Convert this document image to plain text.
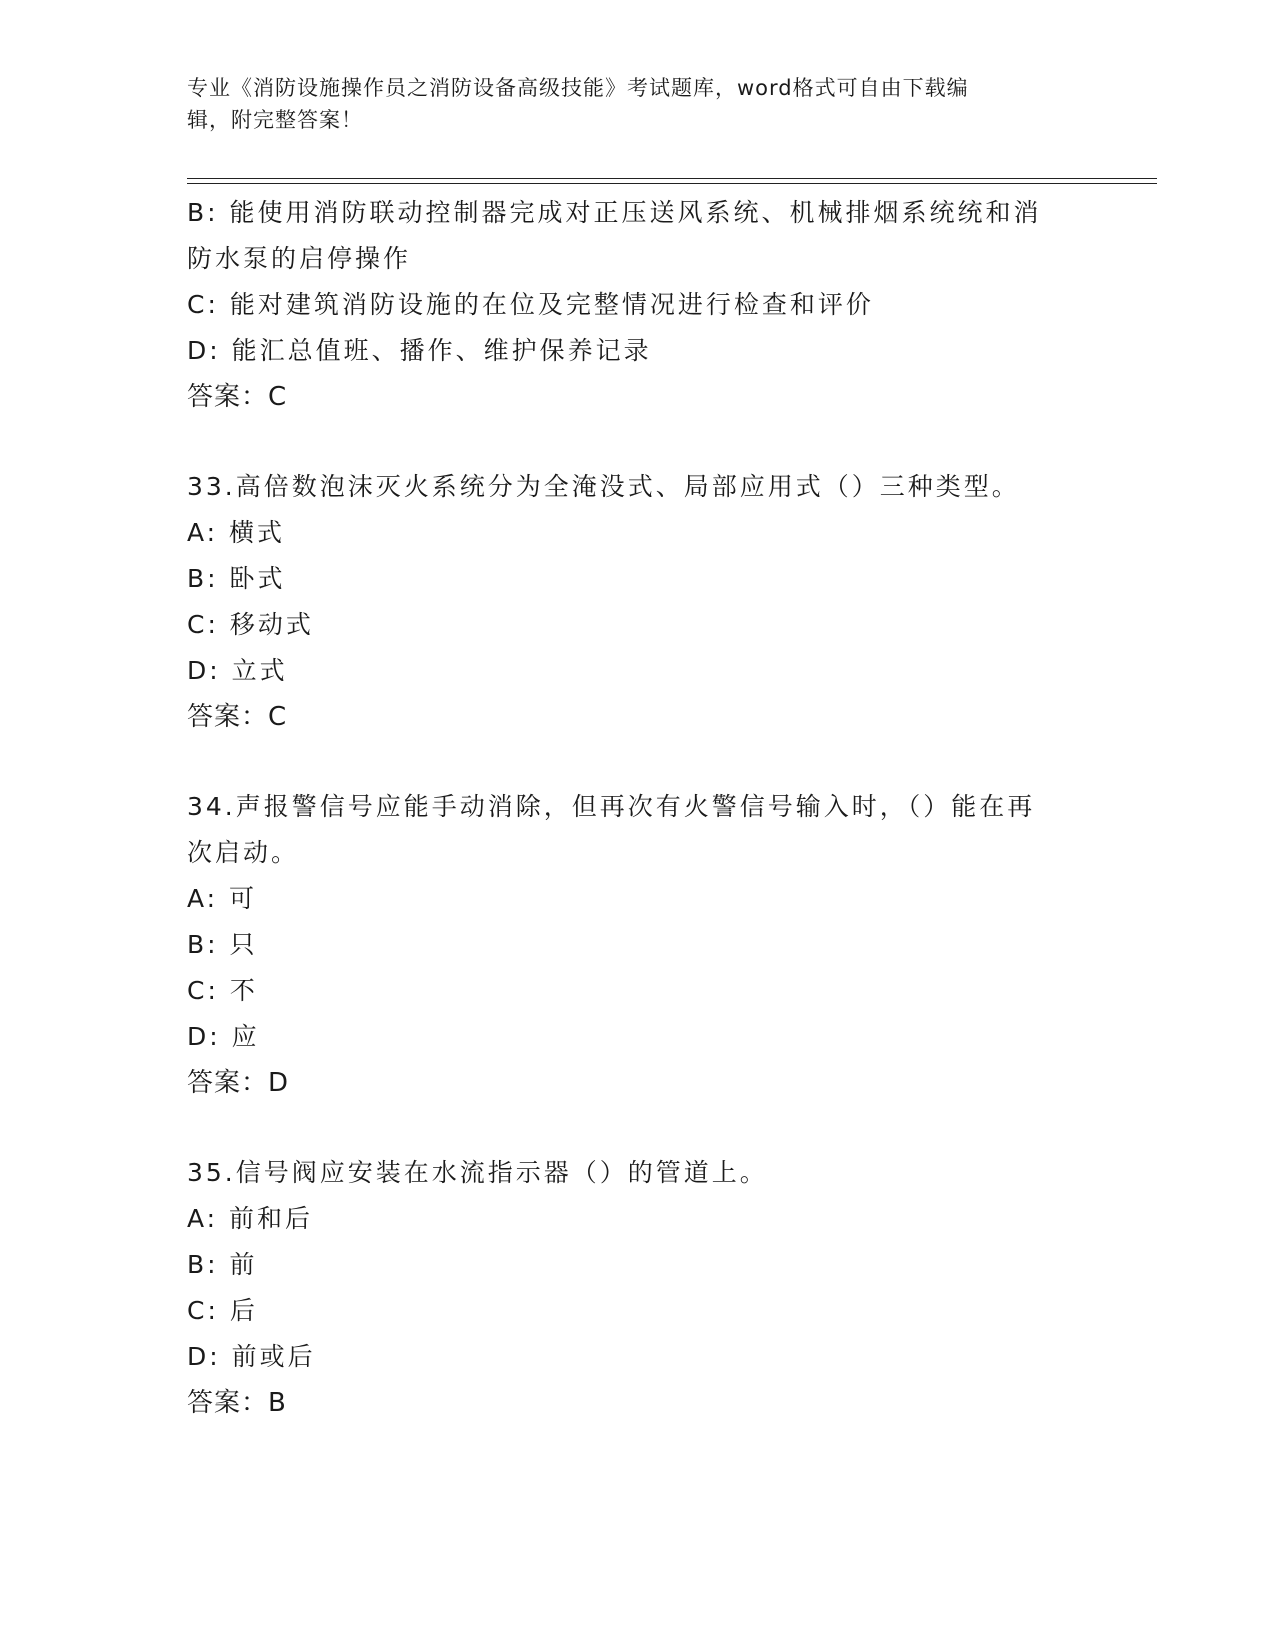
专业《消防设施操作员之消防设备高级技能》考试题库，word格式可自由下载编
辑，附完整答案！
B: 能使用消防联动控制器完成对正压送风系统、机械排烟系统统和消
防水泵的启停操作
C: 能对建筑消防设施的在位及完整情况进行检查和评价
D: 能汇总值班、播作、维护保养记录
答案：C
33.高倍数泡沫灭火系统分为全淹没式、局部应用式（）三种类型。
A: 横式
B: 卧式
C: 移动式
D: 立式
答案：C
34.声报警信号应能手动消除，但再次有火警信号输入时，（）能在再
次启动。
A: 可
B: 只
C: 不
D: 应
答案：D
35.信号阀应安装在水流指示器（）的管道上。
A: 前和后
B: 前
C: 后
D: 前或后
答案：B
